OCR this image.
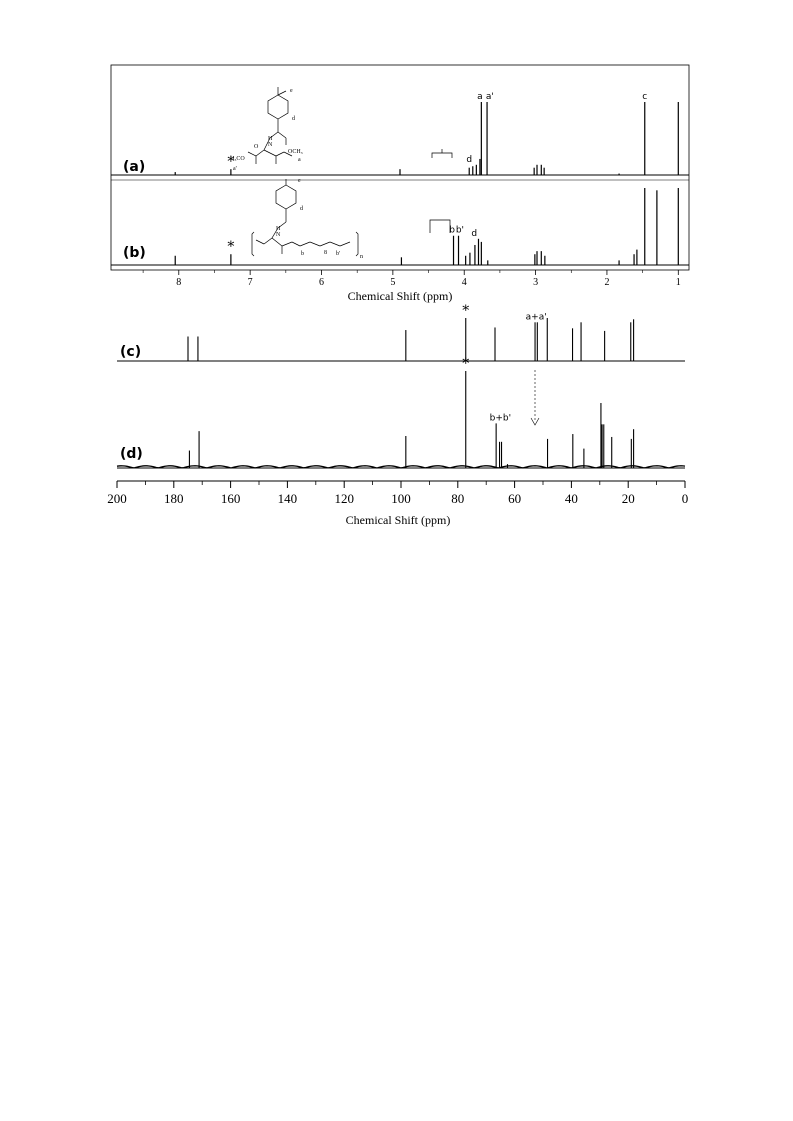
8	7	6	5	4	3	2	1
Chemical Shift (ppm)
(a)
(b)
*
a a'
d
c
*
b b' d
e
d
H
N
O
H₃CO
OCH₃
a
a'
e
d
H
N
b	8 b'	n
200	180	160	140	120	100	80	60	40	20	0
Chemical Shift (ppm)
(c)
(d)
*	a+a'
*
b+b'
